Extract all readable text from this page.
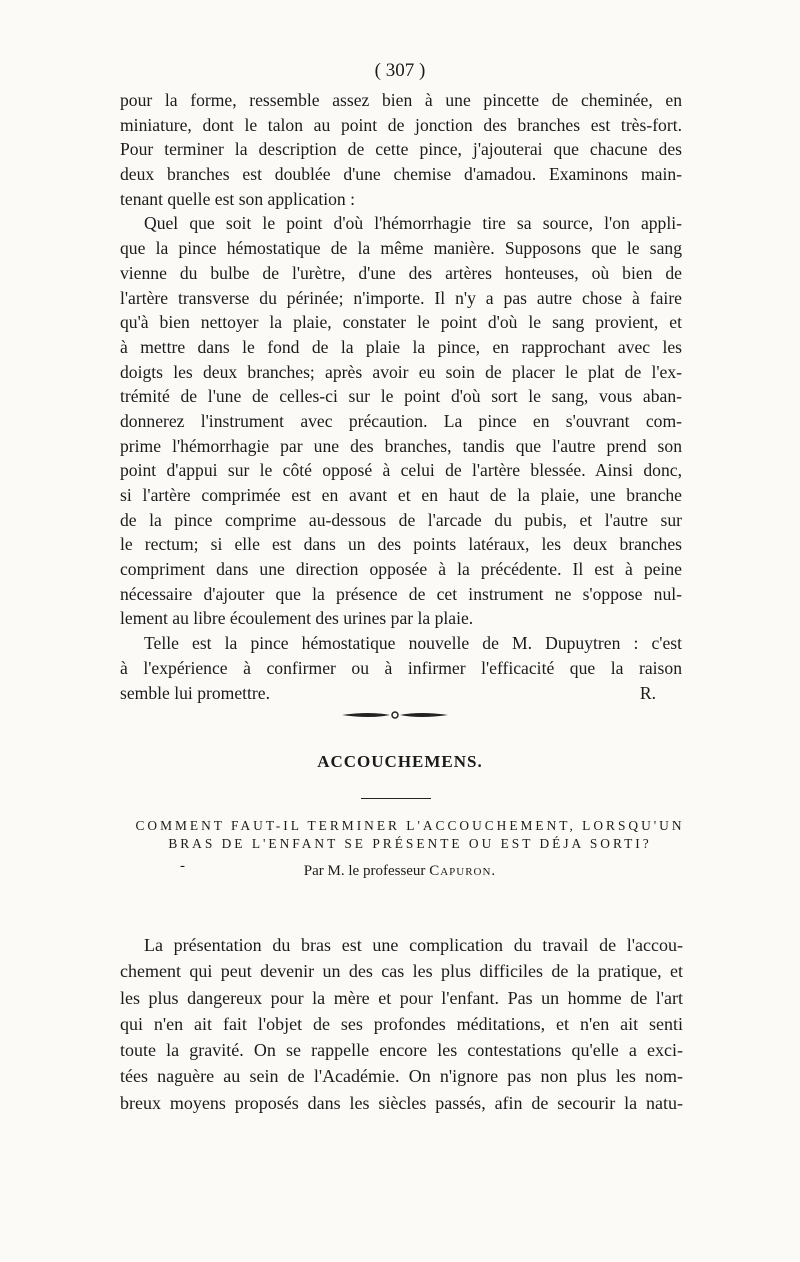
( 307 )
pour la forme, ressemble assez bien à une pincette de cheminée, en
miniature, dont le talon au point de jonction des branches est très-fort.
Pour terminer la description de cette pince, j'ajouterai que chacune des
deux branches est doublée d'une chemise d'amadou. Examinons main-
tenant quelle est son application :
Quel que soit le point d'où l'hémorrhagie tire sa source, l'on appli-
que la pince hémostatique de la même manière. Supposons que le sang
vienne du bulbe de l'urètre, d'une des artères honteuses, où bien de
l'artère transverse du périnée; n'importe. Il n'y a pas autre chose à faire
qu'à bien nettoyer la plaie, constater le point d'où le sang provient, et
à mettre dans le fond de la plaie la pince, en rapprochant avec les
doigts les deux branches; après avoir eu soin de placer le plat de l'ex-
trémité de l'une de celles-ci sur le point d'où sort le sang, vous aban-
donnerez l'instrument avec précaution. La pince en s'ouvrant com-
prime l'hémorrhagie par une des branches, tandis que l'autre prend son
point d'appui sur le côté opposé à celui de l'artère blessée. Ainsi donc,
si l'artère comprimée est en avant et en haut de la plaie, une branche
de la pince comprime au-dessous de l'arcade du pubis, et l'autre sur
le rectum; si elle est dans un des points latéraux, les deux branches
compriment dans une direction opposée à la précédente. Il est à peine
nécessaire d'ajouter que la présence de cet instrument ne s'oppose nul-
lement au libre écoulement des urines par la plaie.
Telle est la pince hémostatique nouvelle de M. Dupuytren : c'est
à l'expérience à confirmer ou à infirmer l'efficacité que la raison
semble lui promettre.	R.
ACCOUCHEMENS.
COMMENT FAUT-IL TERMINER L'ACCOUCHEMENT, LORSQU'UN
BRAS DE L'ENFANT SE PRÉSENTE OU EST DÉJA SORTI?
-	Par M. le professeur Capuron.
La présentation du bras est une complication du travail de l'accou-
chement qui peut devenir un des cas les plus difficiles de la pratique, et
les plus dangereux pour la mère et pour l'enfant. Pas un homme de l'art
qui n'en ait fait l'objet de ses profondes méditations, et n'en ait senti
toute la gravité. On se rappelle encore les contestations qu'elle a exci-
tées naguère au sein de l'Académie. On n'ignore pas non plus les nom-
breux moyens proposés dans les siècles passés, afin de secourir la natu-
